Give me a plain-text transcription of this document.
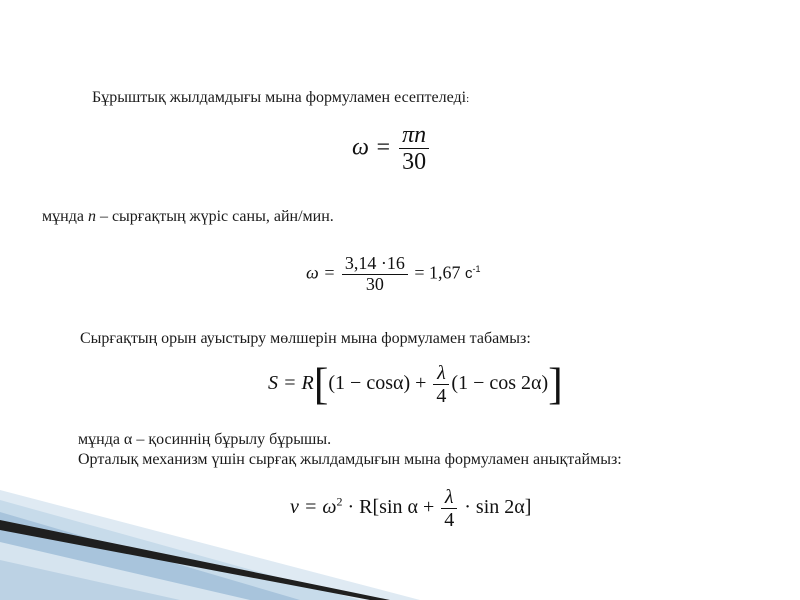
Бұрыштық жылдамдығы мына формуламен есептеледі:
$\omega = \frac{\pi n}{30}$
мұнда n – сырғақтың жүріс саны, айн/мин.
$\omega = \frac{3,14 \cdot 16}{30} = 1,67$ $с^{-1}$
Сырғақтың орын ауыстыру мөлшерін мына формуламен табамыз:
$S = R[(1 - \cos\alpha) + \frac{\lambda}{4} (1 - \cos 2\alpha)]$
мұнда α – қосиннің бұрылу бұрышы.
Орталық механизм үшін сырғақ жылдамдығын мына формуламен анықтаймыз:
$v = \omega^2 \cdot R[\sin$ $\alpha + \frac{\lambda}{4} \cdot \sin 2\alpha$]
